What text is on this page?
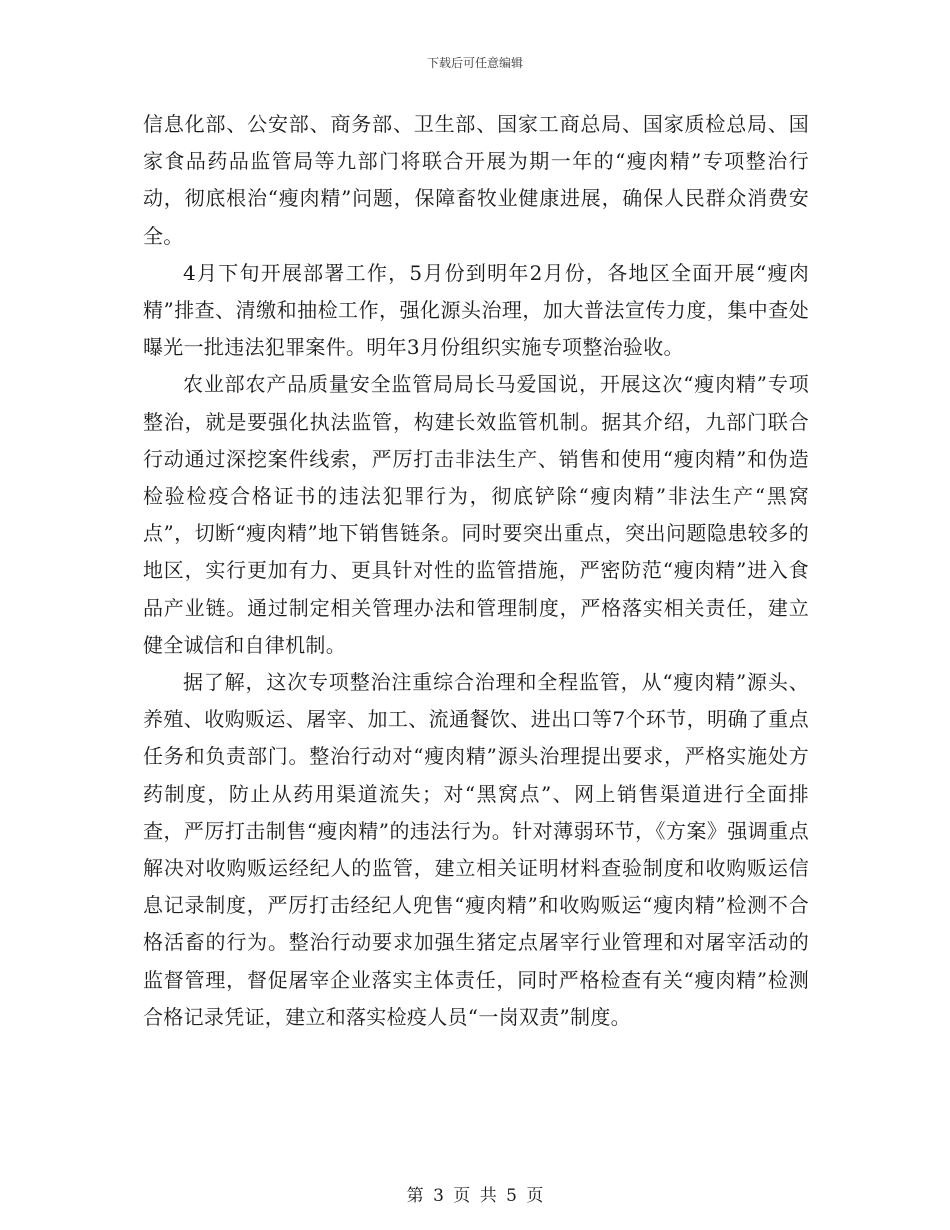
下载后可任意编辑

信息化部、公安部、商务部、卫生部、国家工商总局、国家质检总局、国家食品药品监管局等九部门将联合开展为期一年的“瘦肉精”专项整治行动，彻底根治“瘦肉精”问题，保障畜牧业健康进展，确保人民群众消费安全。

4月下旬开展部署工作，5月份到明年2月份，各地区全面开展“瘦肉精”排查、清缴和抽检工作，强化源头治理，加大普法宣传力度，集中查处曝光一批违法犯罪案件。明年3月份组织实施专项整治验收。

农业部农产品质量安全监管局局长马爱国说，开展这次“瘦肉精”专项整治，就是要强化执法监管，构建长效监管机制。据其介绍，九部门联合行动通过深挖案件线索，严厉打击非法生产、销售和使用“瘦肉精”和伪造检验检疫合格证书的违法犯罪行为，彻底铲除“瘦肉精”非法生产“黑窝点”，切断“瘦肉精”地下销售链条。同时要突出重点，突出问题隐患较多的地区，实行更加有力、更具针对性的监管措施，严密防范“瘦肉精”进入食品产业链。通过制定相关管理办法和管理制度，严格落实相关责任，建立健全诚信和自律机制。

据了解，这次专项整治注重综合治理和全程监管，从“瘦肉精”源头、养殖、收购贩运、屠宰、加工、流通餐饮、进出口等7个环节，明确了重点任务和负责部门。整治行动对“瘦肉精”源头治理提出要求，严格实施处方药制度，防止从药用渠道流失；对“黑窝点”、网上销售渠道进行全面排查，严厉打击制售“瘦肉精”的违法行为。针对薄弱环节，《方案》强调重点解决对收购贩运经纪人的监管，建立相关证明材料查验制度和收购贩运信息记录制度，严厉打击经纪人兜售“瘦肉精”和收购贩运“瘦肉精”检测不合格活畜的行为。整治行动要求加强生猪定点屠宰行业管理和对屠宰活动的监督管理，督促屠宰企业落实主体责任，同时严格检查有关“瘦肉精”检测合格记录凭证，建立和落实检疫人员“一岗双责”制度。

第 3 页 共 5 页
